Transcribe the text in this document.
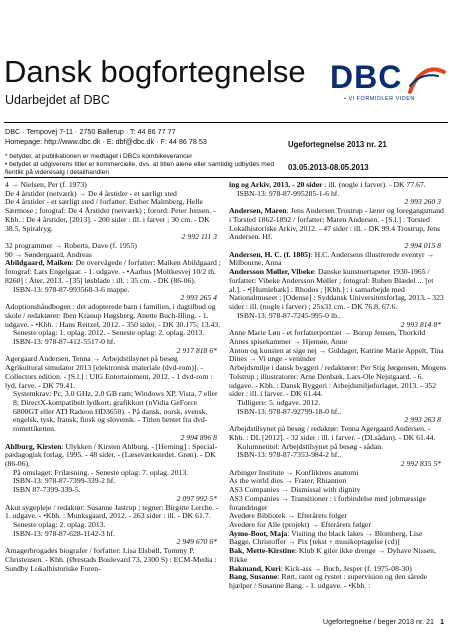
Dansk bogfortegnelse
Udarbejdet af DBC
DBC
• VI FORMIDLER VIDEN
DBC · Tempovej 7-11 · 2750 Ballerup · T: 44 86 77 77
Homepage: http://www.dbc.dk · E: dbf@dbc.dk · F: 44 86 78 53	Ugefortegnelse 2013 nr. 21
* betyder, at publikationen er medtaget i DBCs kombikeverancer
• betyder at udgiverens titler er kommercielle, dvs. at titlen alene eller samtidig udbydes med fientlik på videresalg i detailhandlen
03.05.2013-08.05.2013
4 → Nielsen, Per (f. 1973)
De 4 årstider (netværk) → De 4 årstider - et særligt sted
De 4 årstider - et særligt sted / forfatter: Esther Malmberg, Helle Særmose ; fotograf: De 4 Årstider (netværk) ; forord: Peter Jensen. - Kbh. : De 4 årstider, [2013]. - 200 sider : ill. i farver ; 30 cm. - DK 38.5. Spiralryg.
2 992 111 3
32 programmer → Roberts, Dave (f. 1955)
90 → Søndergaard, Andreas
Abildgaard, Maiken: De overvågede / forfatter: Maiken Abildgaard ; fotograf: Lars Engelgaar. - 1. udgave. - •Aarhus [Moltkesvej 10/2 th. 8260] : Åter, 2013. - [35] løsblade : ill. : 35 cm. - DK (86-06).
ISBN-13: 978-87-993568-3-6 mappe.
2 993 265 4
Adoptionshåndbogen : det adopterede barn i familien, i dagtilbud og skole / redaktører: Iben Kranup Høgsberg, Anette Buch-Illing. - 1. udgave. - •Kbh. : Hans Reitzel, 2012. - 350 sider. - DK 30.175; 13.43.
Seneste oplag: 1. oplag. 2012. - Seneste oplag: 2. oplag. 2013.
ISBN-13: 978-87-412-5517-0 hf.
2 917 818 6*
Agergaard Andersen, Tenna → Arbejdstilsynet på besøg
Agrikultural simulator 2013 [elektronisk materiale (dvd-rom)]. - Collectors edition. - [S.l.] : UIG Entertainment, 2012. - 1 dvd-rom : lyd, farve. - DK 79.41.
Systemkrav: Pc, 3.0 GHz, 2.0 GB ram; Windows XP, Vista, 7 eller 8; DirectX-kompatibelt lydkort; grafikkort (nVidia GeForce 6800GT eller ATI Radeon HD3650). - På dansk, norsk, svensk, engelsk, tysk, fransk, finsk og slovensk. - Titlen hentet fra dvd-romettiketten.
2 994 896 8
Ahlburg, Kirsten: Ulykken / Kirsten Ahlburg. - [Herning] : Special-pædagogisk forlag, 1995. - 48 sider. - (Læseværkstedet. Grøn). - DK (86-06).
På omslaget: Frilæsning. - Seneste oplag: 7. oplag. 2013.
ISBN-13: 978-87-7399-339-2 hf.
ISBN 87-7399-339-5.
2 097 992 5*
Akut sygepleje / redaktør: Susanne Jastrup ; tegner: Birgitte Lerche. - 1. udgave. - •Kbh. : Munksgaard, 2012. - 263 sider : ill. - DK 61.7.
Seneste oplag: 2. oplag. 2013.
ISBN-13: 978-87-628-1142-3 hf.
2 949 670 6*
Amagerbrogades biografer / forfatter: Lisa Elsbøll, Tommy P. Christensen. - Kbh. (Ørestads Boulevard 73, 2300 S) : ECM-Media : Sundby Lokalhistoriske Foren-
ing og Arkiv, 2013. - 20 sider : ill. (nogle i farver). - DK 77.67.
ISBN-13: 978-87-995285-1-6 hf.
2 993 260 3
Andersen, Maren: Jens Andersen Trostrup - lærer og foregangsmand i Torsted 1862-1892 / forfatter: Maren Andersen. - [S.l.] : Torsted Lokalhistoriske Arkiv, 2012. - 47 sider : ill. - DK 99.4 Trostrup, Jens Andersen. Hf.
2 994 015 8
Andersen, H. C. (f. 1805): H.C. Andersens illustrerede eventyr → Milbourne, Anna
Andersson Møller, Vibeke: Danske kunstnertapeter 1930-1965 / forfatter: Vibeke Andersson Møller ; fotograf: Ruben Blædel ... [et al.]. - •[Humlebæk] : Rhodos ; [Kbh.] : i samarbejde med Nationalmuseet ; [Odense] : Syddansk Universitetsforlag, 2013. - 323 sider : ill. (nogle i farver) ; 25x31 cm. - DK 76.8, 67.6.
ISBN-13: 978-87-7245-995-0 ib..
2 993 814 8*
Anne Marie Løn - et forfatterportræt → Borup Jensen, Thorkild
Annes spisekammer → Hjemøe, Anne
Anton og kunsten at sige nej → Guldager, Katrine Marie Appelt, Tina Dines → Vi unge - veninder
Arbejdsmiljø i dansk byggeri / redaktører: Per Stig Jørgensen, Mogens Tolstrup ; illustratorer: Arne Denbæk, Lars-Ole Nejstgaard. - 6. udgave. - Kbh. : Dansk Byggeri : Arbejdsmiljøforlaget, 2013. - 352 sider : ill. i farver. - DK 61.44.
Tidligere: 5. udgave. 2012.
ISBN-13: 978-87-92799-18-0 hf..
2 993 263 8
Arbejdstilsynet på besøg / redaktør: Tenna Agergaard Andersen. - Kbh. : DL [2012]. - 32 sider : ill. i farver. - (DLsådan). - DK 61.44.
Kolumnetitel: Arbejdstilsynet på besøg - sådan.
ISBN-13: 978-87-7353-984-2 hf..
2 992 835 5*
Arbinger Institute → Konfliktens anatomi
As the world dies → Frater, Rhiannon
AS3 Companies → Dismissal with dignity
AS3 Companies → Transitioner : i forbindelse med jobmæssige forandringer
Avedøre Bibliotek → Efterårets folger
Avedøre for Alle (projekt) → Efterårets følger
Aymo-Boot, Maja: Visiting the black lakes → Blomberg, Lise
Bagge, Christoffer → Pix [tekst + musikoptagelse (cd)]
Bak, Mette-Kirstine: Klub K giler ikke drenge → Dyhave Nissen, Rikke
Bakmand, Kuri: Kick-ass → Buch, Jesper (f. 1975-08-30)
Bang, Susanne: Rørt, ramt og rystet : supervision og den sårede hjælper / Susanne Bang. - 1. udgave. - •Kbh. :
Ugefortegnelse / beger 2013 nr. 21 1
